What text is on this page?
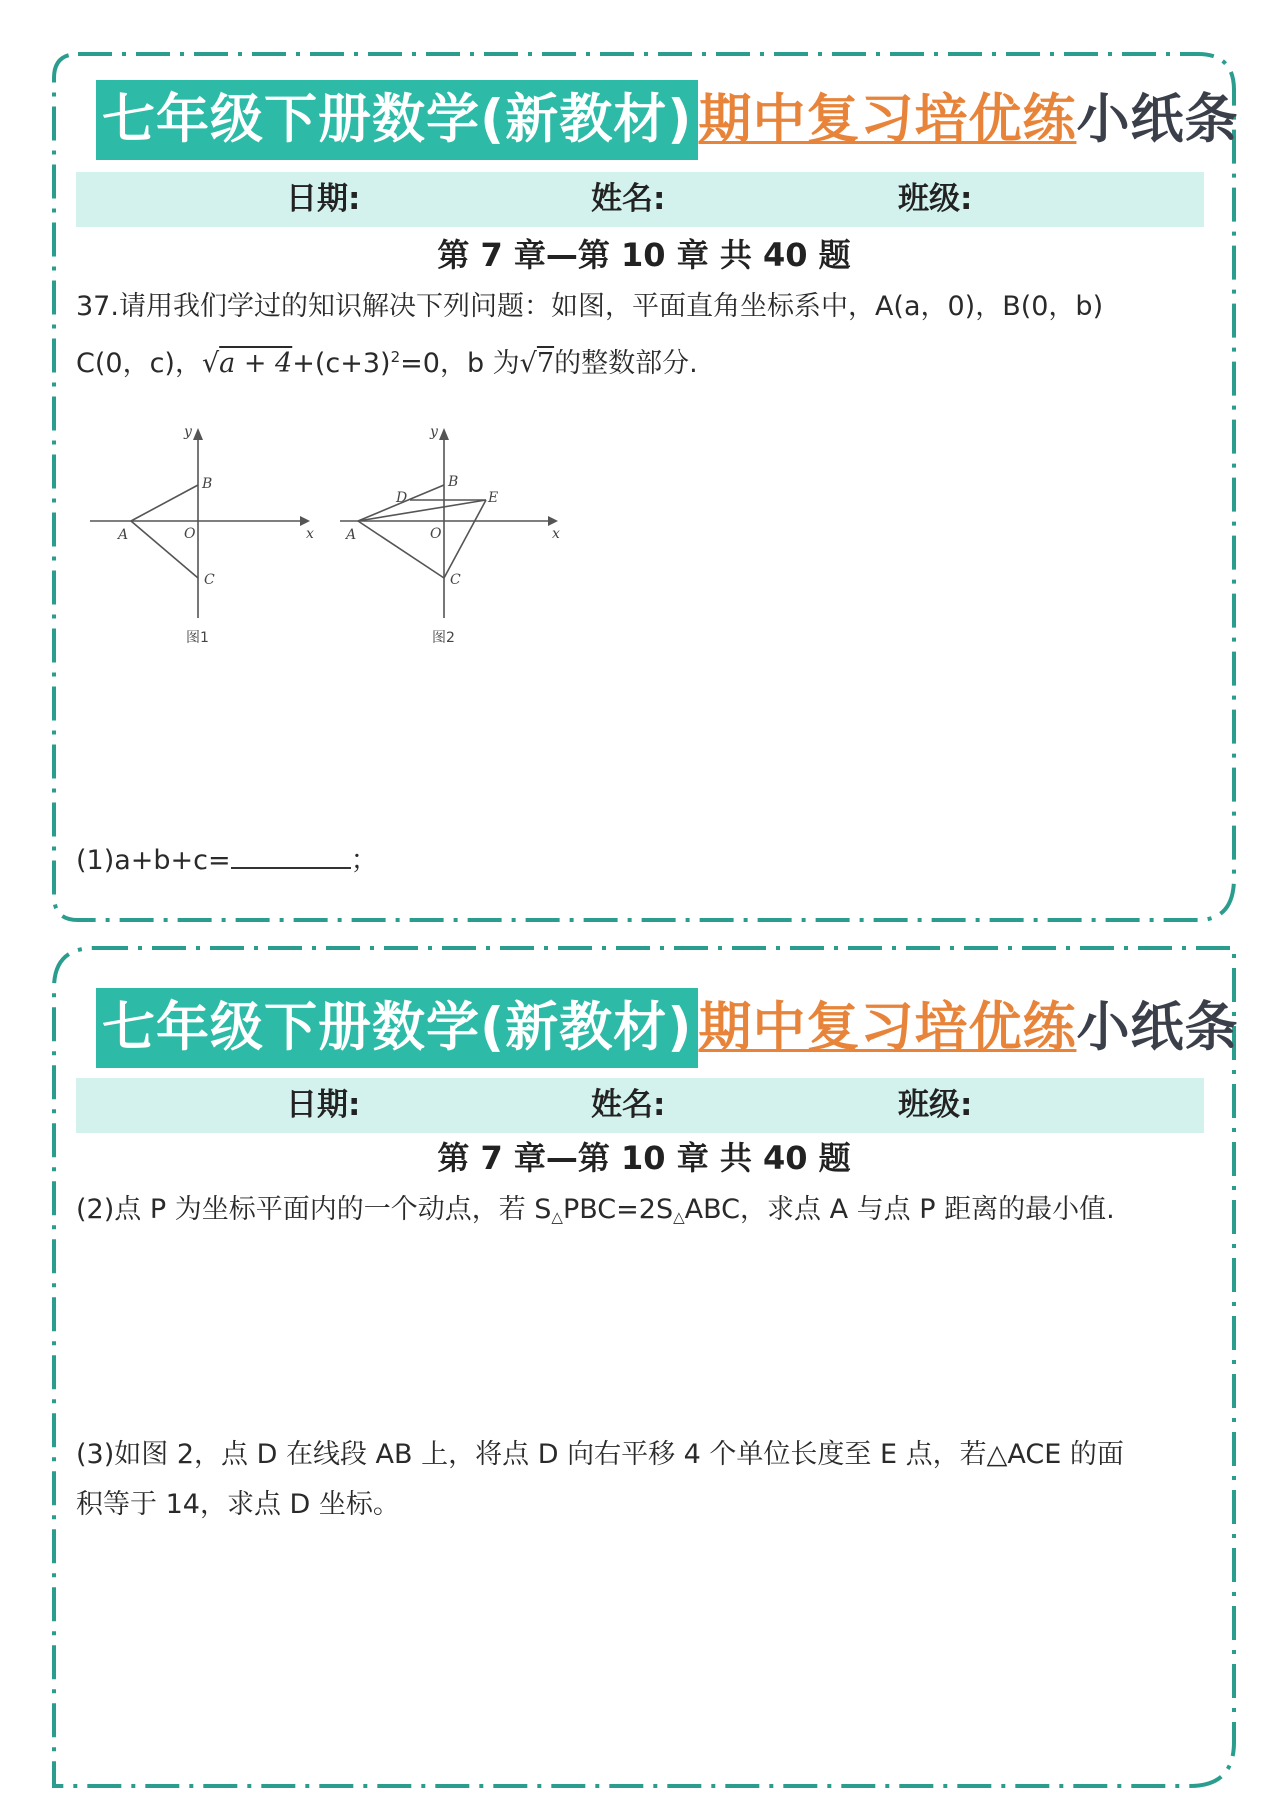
七年级下册数学(新教材) 期中复习培优练 小纸条
日期:	姓名:	班级:
第 7 章—第 10 章 共 40 题
37.请用我们学过的知识解决下列问题：如图，平面直角坐标系中，A(a，0)，B(0，b)
C(0，c)，$√a + 4+(c+3)^2=0$，b 为√7的整数部分.
y
x
O
A
B
C
y
x
O
A
B
C
D	E
图1	图2
(1)a+b+c=	；
七年级下册数学(新教材) 期中复习培优练 小纸条
日期:	姓名:	班级:
第 7 章—第 10 章 共 40 题
(2)点 P 为坐标平面内的一个动点，若 $S_\triangle PBC=2S_\triangle ABC$，求点 A 与点 P 距离的最小值.
(3)如图 2，点 D 在线段 AB 上，将点 D 向右平移 4 个单位长度至 E 点，若△ACE 的面
积等于 14，求点 D 坐标。
